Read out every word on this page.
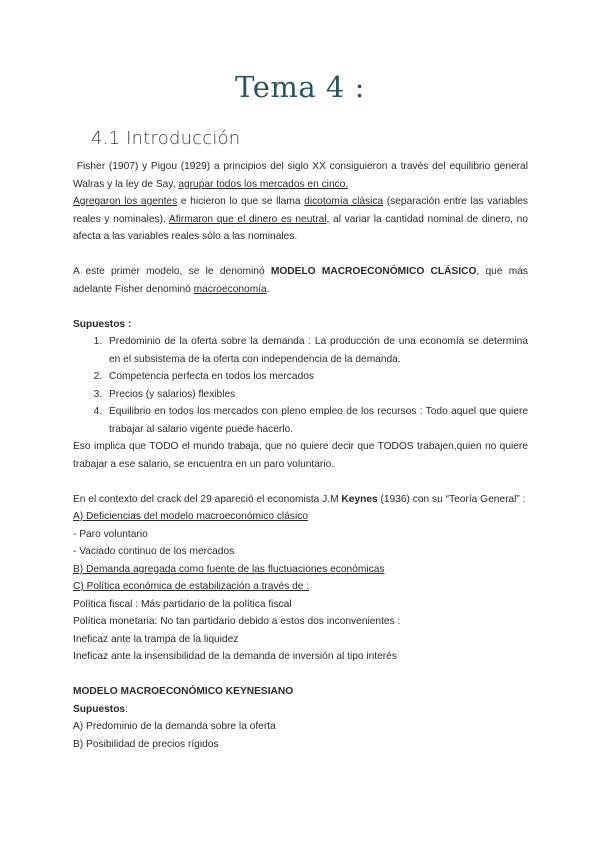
Tema 4 :
4.1 Introducción

Fisher (1907) y Pigou (1929) a principios del siglo XX consiguieron a través del equilibrio general Walras y la ley de Say, agrupar todos los mercados en cinco.
Agregaron los agentes e hicieron lo que se llama dicotomía clásica (separación entre las variables reales y nominales). Afirmaron que el dinero es neutral, al variar la cantidad nominal de dinero, no afecta a las variables reales sólo a las nominales.

A este primer modelo, se le denominó MODELO MACROECONÓMICO CLÁSICO, que más adelante Fisher denominó macroeconomía.

Supuestos :

1. Predominio de la oferta sobre la demanda : La producción de una economía se determina en el subsistema de la oferta con independencia de la demanda.
2. Competencia perfecta en todos los mercados
3. Precios (y salarios) flexibles
4. Equilibrio en todos los mercados con pleno empleo de los recursos : Todo aquel que quiere trabajar al salario vigente puede hacerlo.

Eso implica que TODO el mundo trabaja, que no quiere decir que TODOS trabajen,quien no quiere trabajar a ese salario, se encuentra en un paro voluntario.

En el contexto del crack del 29 apareció el economista J.M Keynes (1936) con su “Teoría General” :

A) Deficiencias del modelo macroeconómico clásico

- Paro voluntario

- Vaciado continuo de los mercados

B) Demanda agregada como fuente de las fluctuaciones económicas

C) Política económica de estabilización a través de :

Política fiscal : Más partidario de la política fiscal

Política monetaria: No tan partidario debido a estos dos inconvenientes :

Ineficaz ante la trampa de la liquidez

Ineficaz ante la insensibilidad de la demanda de inversión al tipo interés

MODELO MACROECONÓMICO KEYNESIANO

Supuestos:

A) Predominio de la demanda sobre la oferta

B) Posibilidad de precios rígidos
